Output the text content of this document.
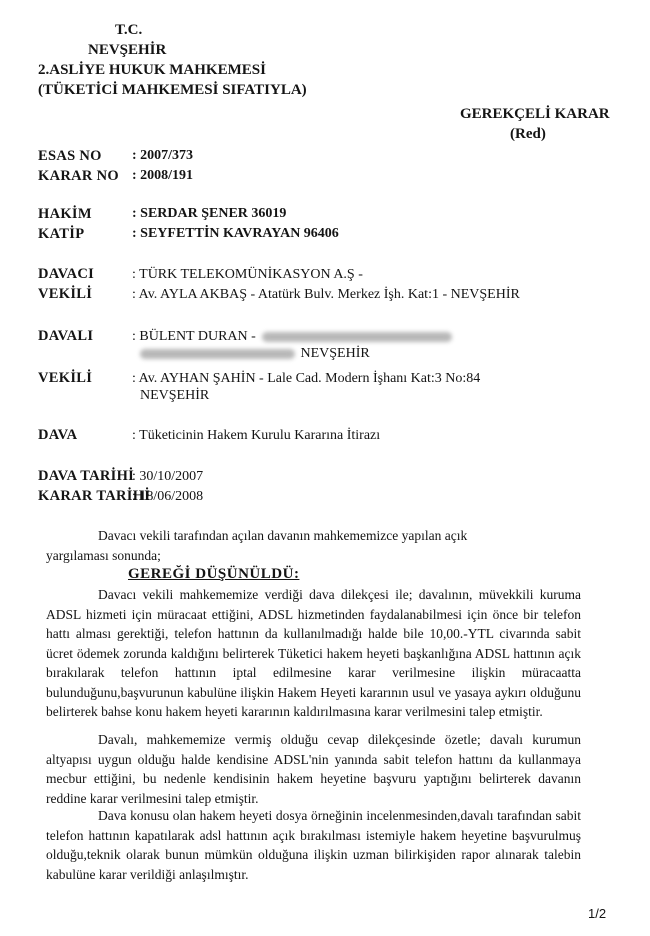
T.C.
NEVŞEHİR
2.ASLİYE HUKUK MAHKEMESİ
(TÜKETİCİ MAHKEMESİ SIFATIYLA)
GEREKÇELİ KARAR
(Red)
ESAS NO : 2007/373
KARAR NO : 2008/191
HAKİM	: SERDAR ŞENER 36019
KATİP	: SEYFETTİN KAVRAYAN 96406
DAVACI	: TÜRK TELEKOMÜNİKASYON A.Ş -
VEKİLİ	: Av. AYLA AKBAŞ - Atatürk Bulv. Merkez İşh. Kat:1 - NEVŞEHİR
DAVALI	: BÜLENT DURAN -
NEVŞEHİR
VEKİLİ	: Av. AYHAN ŞAHİN - Lale Cad. Modern İşhanı Kat:3 No:84
NEVŞEHİR
DAVA	: Tüketicinin Hakem Kurulu Kararına İtirazı
DAVA TARİHİ
: 30/10/2007
KARAR TARİHİ
: 18/06/2008
Davacı vekili tarafından açılan davanın mahkememizce yapılan açık
yargılaması sonunda;
GEREĞİ DÜŞÜNÜLDÜ:
Davacı vekili mahkememize verdiği dava dilekçesi ile; davalının, müvekkili kuruma ADSL hizmeti için müracaat ettiğini, ADSL hizmetinden faydalanabilmesi için önce bir telefon hattı alması gerektiği, telefon hattının da kullanılmadığı halde bile 10,00.-YTL civarında sabit ücret ödemek zorunda kaldığını belirterek Tüketici hakem heyeti başkanlığına ADSL hattının açık bırakılarak telefon hattının iptal edilmesine karar verilmesine ilişkin müracaatta bulunduğunu,başvurunun kabulüne ilişkin Hakem Heyeti kararının usul ve yasaya aykırı olduğunu belirterek bahse konu hakem heyeti kararının kaldırılmasına karar verilmesini talep etmiştir.
Davalı, mahkememize vermiş olduğu cevap dilekçesinde özetle; davalı kurumun altyapısı uygun olduğu halde kendisine ADSL'nin yanında sabit telefon hattını da kullanmaya mecbur ettiğini, bu nedenle kendisinin hakem heyetine başvuru yaptığını belirterek davanın reddine karar verilmesini talep etmiştir.
Dava konusu olan hakem heyeti dosya örneğinin incelenmesinden,davalı tarafından sabit telefon hattının kapatılarak adsl hattının açık bırakılması istemiyle hakem heyetine başvurulmuş olduğu,teknik olarak bunun mümkün olduğuna ilişkin uzman bilirkişiden rapor alınarak talebin kabulüne karar verildiği anlaşılmıştır.
1/2
